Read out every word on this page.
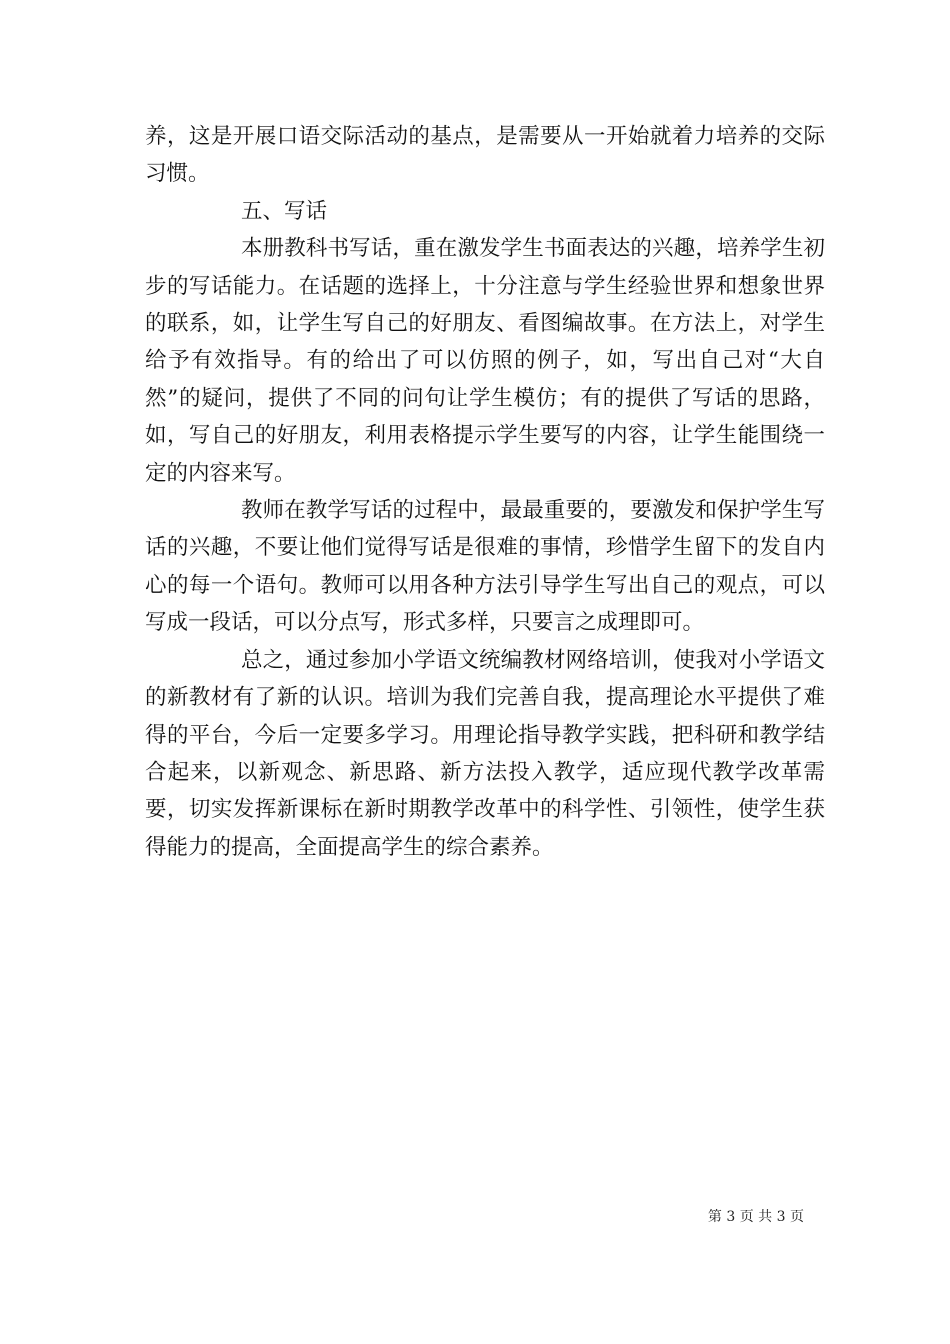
养，这是开展口语交际活动的基点，是需要从一开始就着力培养的交际习惯。

五、写话

本册教科书写话，重在激发学生书面表达的兴趣，培养学生初步的写话能力。在话题的选择上，十分注意与学生经验世界和想象世界的联系，如，让学生写自己的好朋友、看图编故事。在方法上，对学生给予有效指导。有的给出了可以仿照的例子，如，写出自己对“大自然”的疑问，提供了不同的问句让学生模仿；有的提供了写话的思路，如，写自己的好朋友，利用表格提示学生要写的内容，让学生能围绕一定的内容来写。

教师在教学写话的过程中，最最重要的，要激发和保护学生写话的兴趣，不要让他们觉得写话是很难的事情，珍惜学生留下的发自内心的每一个语句。教师可以用各种方法引导学生写出自己的观点，可以写成一段话，可以分点写，形式多样，只要言之成理即可。

总之，通过参加小学语文统编教材网络培训，使我对小学语文的新教材有了新的认识。培训为我们完善自我，提高理论水平提供了难得的平台，今后一定要多学习。用理论指导教学实践，把科研和教学结合起来，以新观念、新思路、新方法投入教学，适应现代教学改革需要，切实发挥新课标在新时期教学改革中的科学性、引领性，使学生获得能力的提高，全面提高学生的综合素养。

第 3 页 共 3 页
